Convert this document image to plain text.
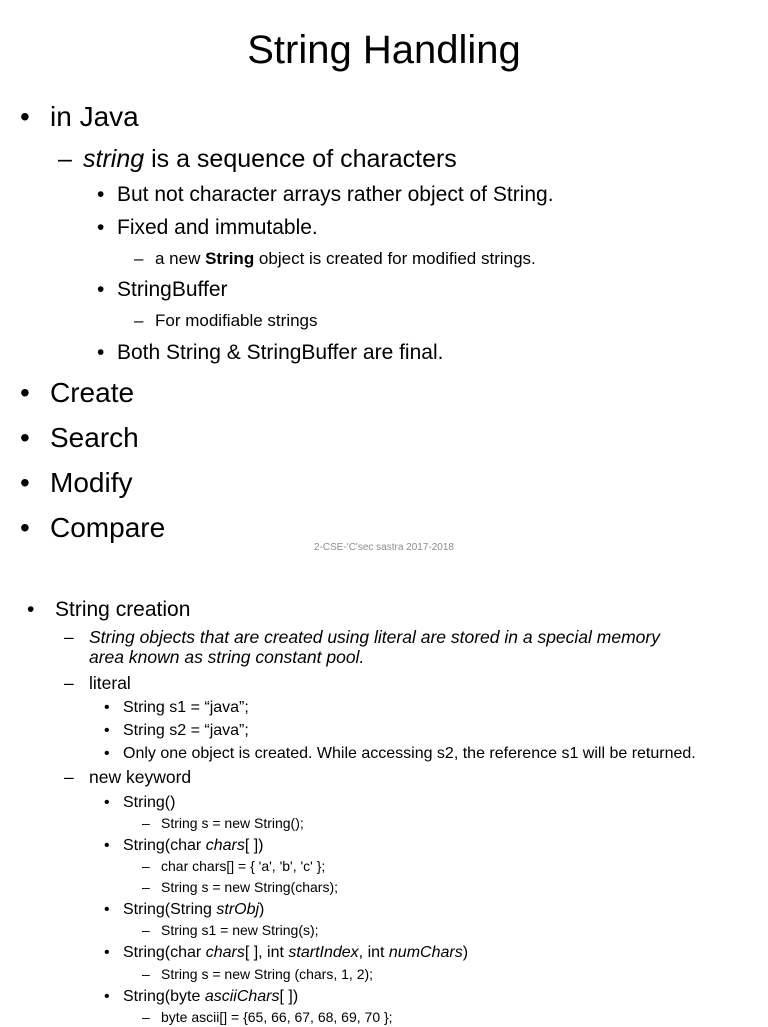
String Handling
• in Java
– string is a sequence of characters
• But not character arrays rather object of String.
• Fixed and immutable.
– a new String object is created for modified strings.
• StringBuffer
– For modifiable strings
• Both String & StringBuffer are final.
• Create
• Search
• Modify
• Compare
2-CSE-'C'sec sastra 2017-2018
• String creation
– String objects that are created using literal are stored in a special memory
area known as string constant pool.
– literal
• String s1 = “java”;
• String s2 = “java”;
• Only one object is created. While accessing s2, the reference s1 will be returned.
– new keyword
• String()
– String s = new String();
• String(char chars[ ])
– char chars[] = { 'a', 'b', 'c' };
– String s = new String(chars);
• String(String strObj)
– String s1 = new String(s);
• String(char chars[ ], int startIndex, int numChars)
– String s = new String (chars, 1, 2);
• String(byte asciiChars[ ])
– byte ascii[] = {65, 66, 67, 68, 69, 70 };
